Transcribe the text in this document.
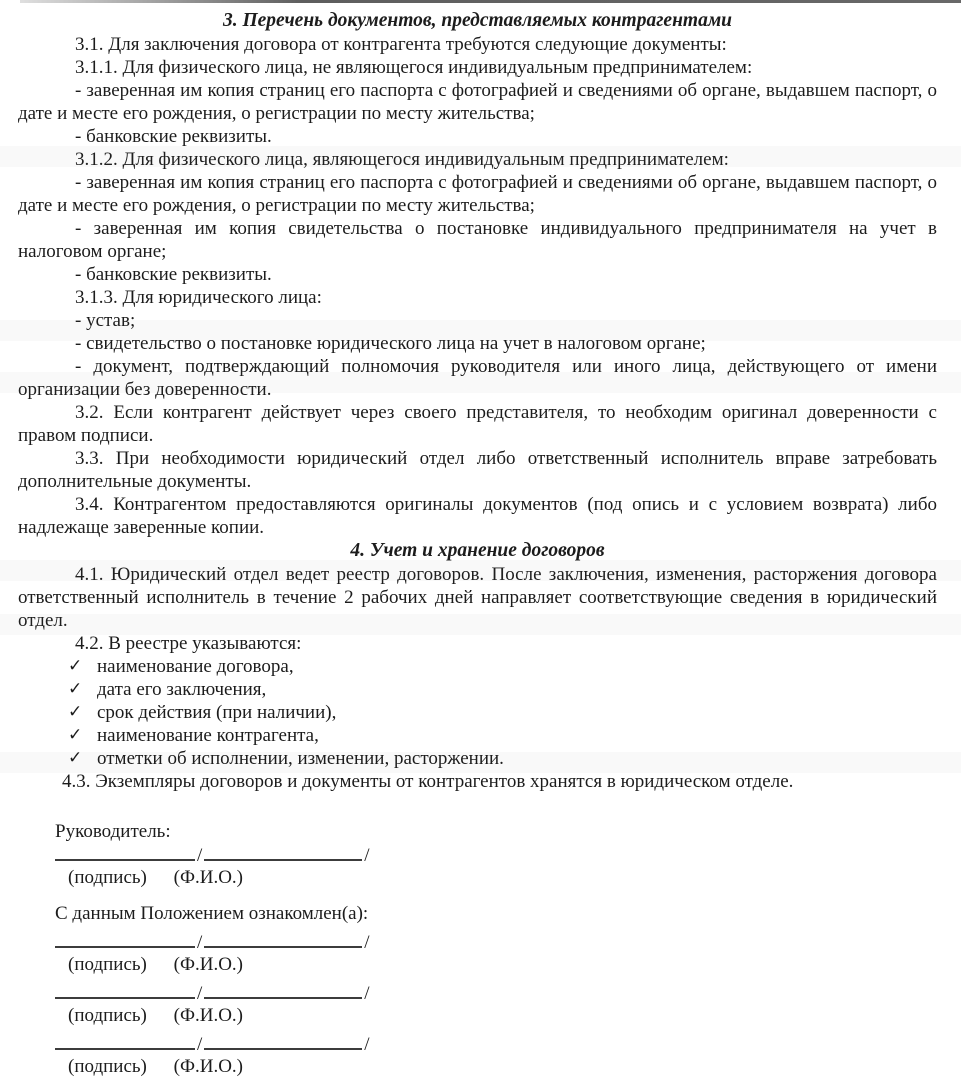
3. Перечень документов, представляемых контрагентами

3.1. Для заключения договора от контрагента требуются следующие документы:

3.1.1. Для физического лица, не являющегося индивидуальным предпринимателем:

- заверенная им копия страниц его паспорта с фотографией и сведениями об органе, выдавшем паспорт, о дате и месте его рождения, о регистрации по месту жительства;

- банковские реквизиты.

3.1.2. Для физического лица, являющегося индивидуальным предпринимателем:

- заверенная им копия страниц его паспорта с фотографией и сведениями об органе, выдавшем паспорт, о дате и месте его рождения, о регистрации по месту жительства;

- заверенная им копия свидетельства о постановке индивидуального предпринимателя на учет в налоговом органе;

- банковские реквизиты.

3.1.3. Для юридического лица:

- устав;

- свидетельство о постановке юридического лица на учет в налоговом органе;

- документ, подтверждающий полномочия руководителя или иного лица, действующего от имени организации без доверенности.

3.2. Если контрагент действует через своего представителя, то необходим оригинал доверенности с правом подписи.

3.3. При необходимости юридический отдел либо ответственный исполнитель вправе затребовать дополнительные документы.

3.4. Контрагентом предоставляются оригиналы документов (под опись и с условием возврата) либо надлежаще заверенные копии.

4. Учет и хранение договоров

4.1. Юридический отдел ведет реестр договоров. После заключения, изменения, расторжения договора ответственный исполнитель в течение 2 рабочих дней направляет соответствующие сведения в юридический отдел.

4.2. В реестре указываются:

✓ наименование договора,
✓ дата его заключения,
✓ срок действия (при наличии),
✓ наименование контрагента,
✓ отметки об исполнении, изменении, расторжении.

4.3. Экземпляры договоров и документы от контрагентов хранятся в юридическом отделе.

Руководитель:

/	/
(подпись) (Ф.И.О.)

С данным Положением ознакомлен(а):

/	/
(подпись) (Ф.И.О.)
/	/
(подпись) (Ф.И.О.)
/	/
(подпись) (Ф.И.О.)
